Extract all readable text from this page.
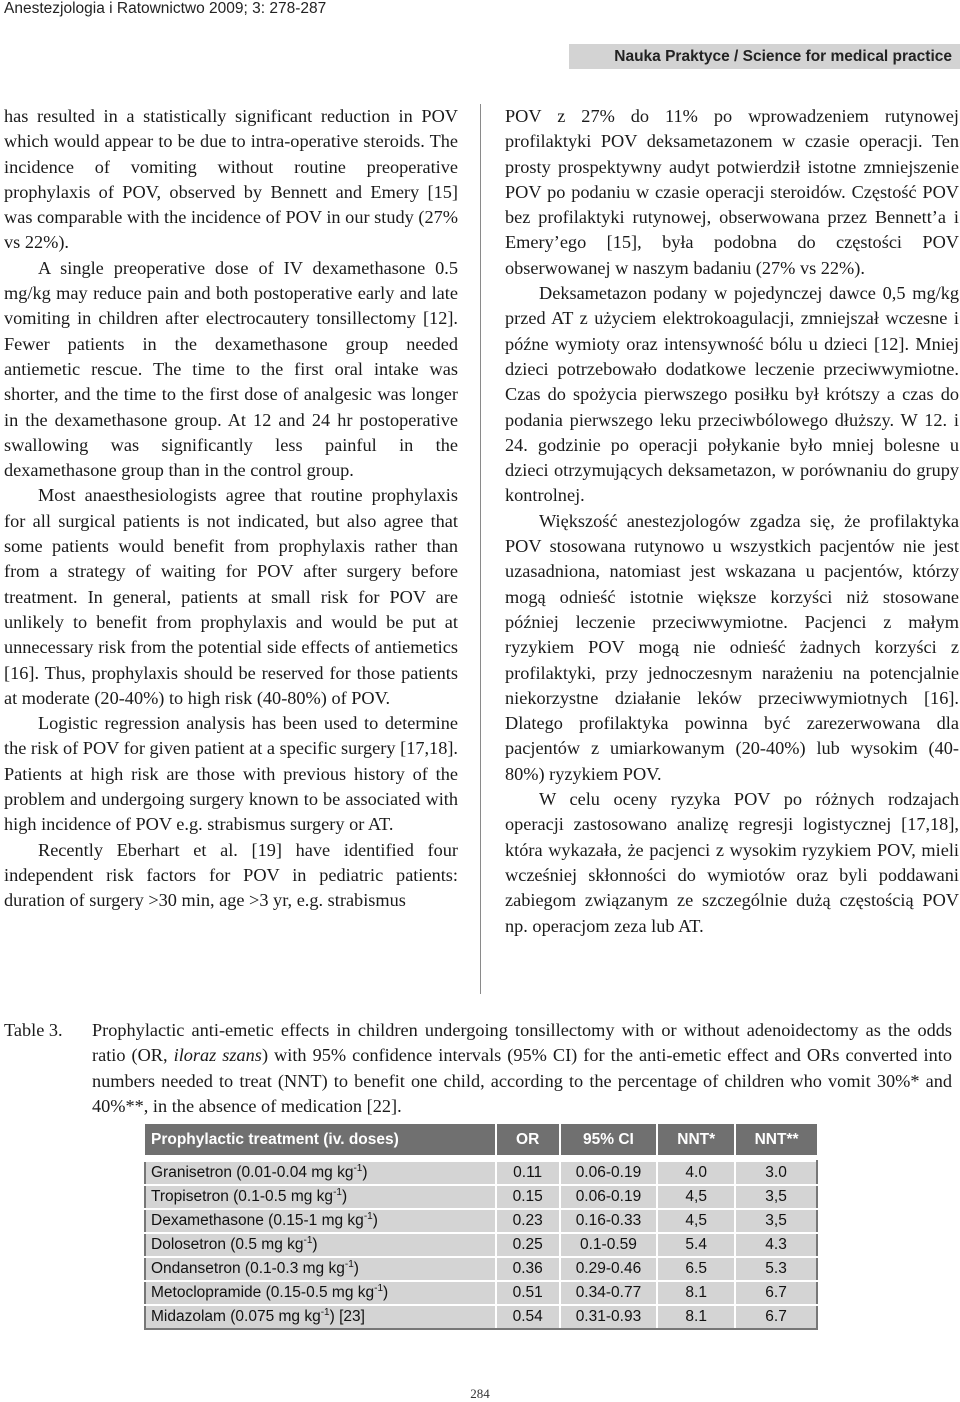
Anestezjologia i Ratownictwo 2009; 3: 278-287
Nauka Praktyce / Science for medical practice

has resulted in a statistically significant reduction in POV which would appear to be due to intra-operative steroids. The incidence of vomiting without routine preoperative prophylaxis of POV, observed by Bennett and Emery [15] was comparable with the incidence of POV in our study (27% vs 22%).

A single preoperative dose of IV dexamethasone 0.5 mg/kg may reduce pain and both postoperative early and late vomiting in children after electrocautery tonsillectomy [12]. Fewer patients in the dexamethasone group needed antiemetic rescue. The time to the first oral intake was shorter, and the time to the first dose of analgesic was longer in the dexamethasone group. At 12 and 24 hr postoperative swallowing was significantly less painful in the dexamethasone group than in the control group.

Most anaesthesiologists agree that routine prophylaxis for all surgical patients is not indicated, but also agree that some patients would benefit from prophylaxis rather than from a strategy of waiting for POV after surgery before treatment. In general, patients at small risk for POV are unlikely to benefit from prophylaxis and would be put at unnecessary risk from the potential side effects of antiemetics [16]. Thus, prophylaxis should be reserved for those patients at moderate (20-40%) to high risk (40-80%) of POV.

Logistic regression analysis has been used to determine the risk of POV for given patient at a specific surgery [17,18]. Patients at high risk are those with previous history of the problem and undergoing surgery known to be associated with high incidence of POV e.g. strabismus surgery or AT.

Recently Eberhart et al. [19] have identified four independent risk factors for POV in pediatric patients: duration of surgery >30 min, age >3 yr, e.g. strabismus

POV z 27% do 11% po wprowadzeniem rutynowej profilaktyki POV deksametazonem w czasie operacji. Ten prosty prospektywny audyt potwierdził istotne zmniejszenie POV po podaniu w czasie operacji steroidów. Częstość POV bez profilaktyki rutynowej, obserwowana przez Bennett’a i Emery’ego [15], była podobna do częstości POV obserwowanej w naszym badaniu (27% vs 22%).

Deksametazon podany w pojedynczej dawce 0,5 mg/kg przed AT z użyciem elektrokoagulacji, zmniejszał wczesne i późne wymioty oraz intensywność bólu u dzieci [12]. Mniej dzieci potrzebowało dodatkowe leczenie przeciwwymiotne. Czas do spożycia pierwszego posiłku był krótszy a czas do podania pierwszego leku przeciwbólowego dłuższy. W 12. i 24. godzinie po operacji połykanie było mniej bolesne u dzieci otrzymujących deksametazon, w porównaniu do grupy kontrolnej.

Większość anestezjologów zgadza się, że profilaktyka POV stosowana rutynowo u wszystkich pacjentów nie jest uzasadniona, natomiast jest wskazana u pacjentów, którzy mogą odnieść istotnie większe korzyści niż stosowane później leczenie przeciwwymiotne. Pacjenci z małym ryzykiem POV mogą nie odnieść żadnych korzyści z profilaktyki, przy jednoczesnym narażeniu na potencjalnie niekorzystne działanie leków przeciwwymiotnych [16]. Dlatego profilaktyka powinna być zarezerwowana dla pacjentów z umiarkowanym (20-40%) lub wysokim (40-80%) ryzykiem POV.

W celu oceny ryzyka POV po różnych rodzajach operacji zastosowano analizę regresji logistycznej [17,18], która wykazała, że pacjenci z wysokim ryzykiem POV, mieli wcześniej skłonności do wymiotów oraz byli poddawani zabiegom związanym ze szczególnie dużą częstością POV np. operacjom zeza lub AT.

Table 3. Prophylactic anti-emetic effects in children undergoing tonsillectomy with or without adenoidectomy as the odds ratio (OR, iloraz szans) with 95% confidence intervals (95% CI) for the anti-emetic effect and ORs converted into numbers needed to treat (NNT) to benefit one child, according to the percentage of children who vomit 30%* and 40%**, in the absence of medication [22].
Prophylactic treatment (iv. doses)	OR	95% CI	NNT*	NNT**

Granisetron (0.01-0.04 mg $kg^{-1}$)	0.11	0.06-0.19	4.0	3.0
Tropisetron (0.1-0.5 mg $kg^{-1}$)	0.15	0.06-0.19	4,5	3,5
Dexamethasone (0.15-1 mg $kg^{-1}$)	0.23	0.16-0.33	4,5	3,5
Dolosetron (0.5 mg $kg^{-1}$)	0.25	0.1-0.59	5.4	4.3
Ondansetron (0.1-0.3 mg $kg^{-1}$)	0.36	0.29-0.46	6.5	5.3
Metoclopramide (0.15-0.5 mg $kg^{-1}$)	0.51	0.34-0.77	8.1	6.7
Midazolam (0.075 mg $kg^{-1}$) [23]	0.54	0.31-0.93	8.1	6.7
284
